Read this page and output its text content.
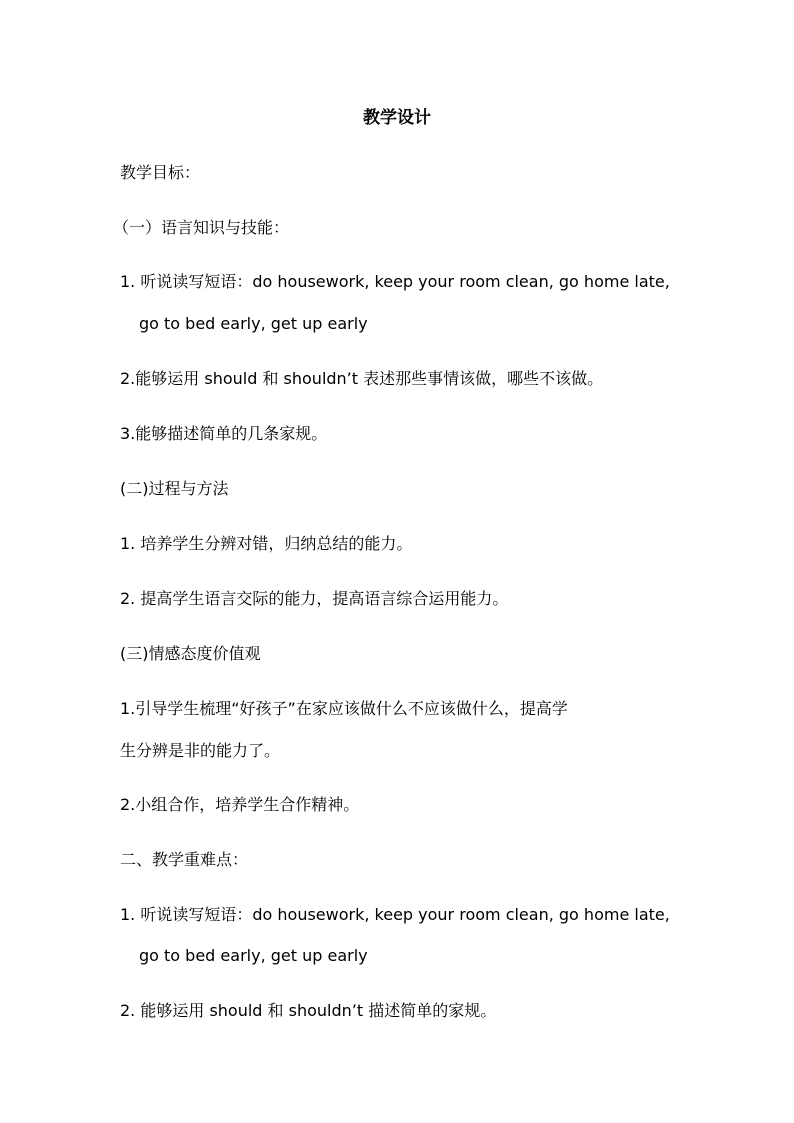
教学设计
教学目标：
（一）语言知识与技能：
1. 听说读写短语：do housework, keep your room clean, go home late,
go to bed early, get up early
2.能够运用 should 和 shouldn’t 表述那些事情该做，哪些不该做。
3.能够描述简单的几条家规。
(二)过程与方法
1. 培养学生分辨对错，归纳总结的能力。
2. 提高学生语言交际的能力，提高语言综合运用能力。
(三)情感态度价值观
1.引导学生梳理“好孩子”在家应该做什么不应该做什么，提高学
生分辨是非的能力了。
2.小组合作，培养学生合作精神。
二、教学重难点：
1. 听说读写短语：do housework, keep your room clean, go home late,
go to bed early, get up early
2. 能够运用 should 和 shouldn’t 描述简单的家规。
